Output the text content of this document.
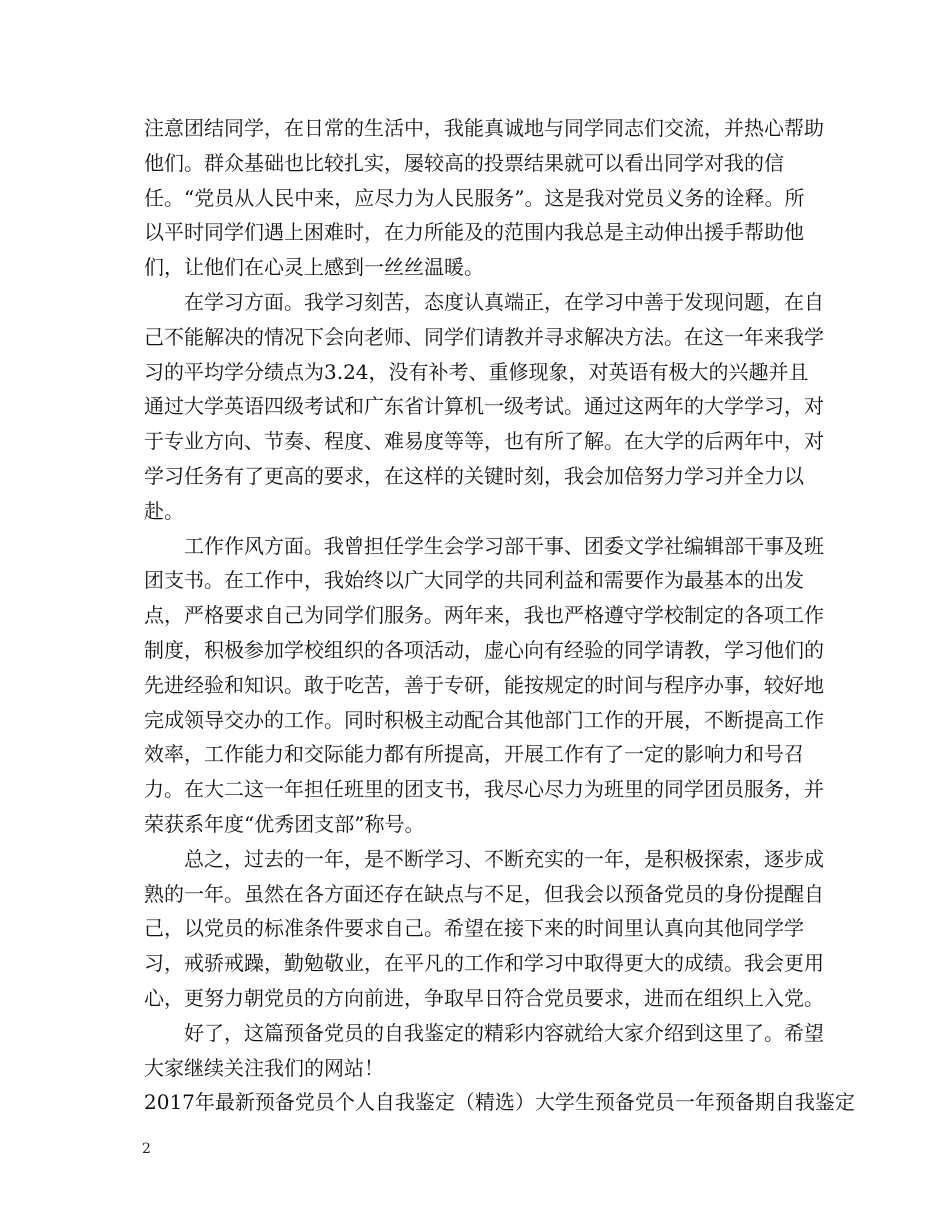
注意团结同学，在日常的生活中，我能真诚地与同学同志们交流，并热心帮助他们。群众基础也比较扎实，屡较高的投票结果就可以看出同学对我的信任。“党员从人民中来，应尽力为人民服务”。这是我对党员义务的诠释。所以平时同学们遇上困难时，在力所能及的范围内我总是主动伸出援手帮助他们，让他们在心灵上感到一丝丝温暖。

在学习方面。我学习刻苦，态度认真端正，在学习中善于发现问题，在自己不能解决的情况下会向老师、同学们请教并寻求解决方法。在这一年来我学习的平均学分绩点为3.24，没有补考、重修现象，对英语有极大的兴趣并且通过大学英语四级考试和广东省计算机一级考试。通过这两年的大学学习，对于专业方向、节奏、程度、难易度等等，也有所了解。在大学的后两年中，对学习任务有了更高的要求，在这样的关键时刻，我会加倍努力学习并全力以赴。

工作作风方面。我曾担任学生会学习部干事、团委文学社编辑部干事及班团支书。在工作中，我始终以广大同学的共同利益和需要作为最基本的出发点，严格要求自己为同学们服务。两年来，我也严格遵守学校制定的各项工作制度，积极参加学校组织的各项活动，虚心向有经验的同学请教，学习他们的先进经验和知识。敢于吃苦，善于专研，能按规定的时间与程序办事，较好地完成领导交办的工作。同时积极主动配合其他部门工作的开展，不断提高工作效率，工作能力和交际能力都有所提高，开展工作有了一定的影响力和号召力。在大二这一年担任班里的团支书，我尽心尽力为班里的同学团员服务，并荣获系年度“优秀团支部”称号。

总之，过去的一年，是不断学习、不断充实的一年，是积极探索，逐步成熟的一年。虽然在各方面还存在缺点与不足，但我会以预备党员的身份提醒自己，以党员的标准条件要求自己。希望在接下来的时间里认真向其他同学学习，戒骄戒躁，勤勉敬业，在平凡的工作和学习中取得更大的成绩。我会更用心，更努力朝党员的方向前进，争取早日符合党员要求，进而在组织上入党。

好了，这篇预备党员的自我鉴定的精彩内容就给大家介绍到这里了。希望大家继续关注我们的网站！

2017年最新预备党员个人自我鉴定（精选）大学生预备党员一年预备期自我鉴定

2
